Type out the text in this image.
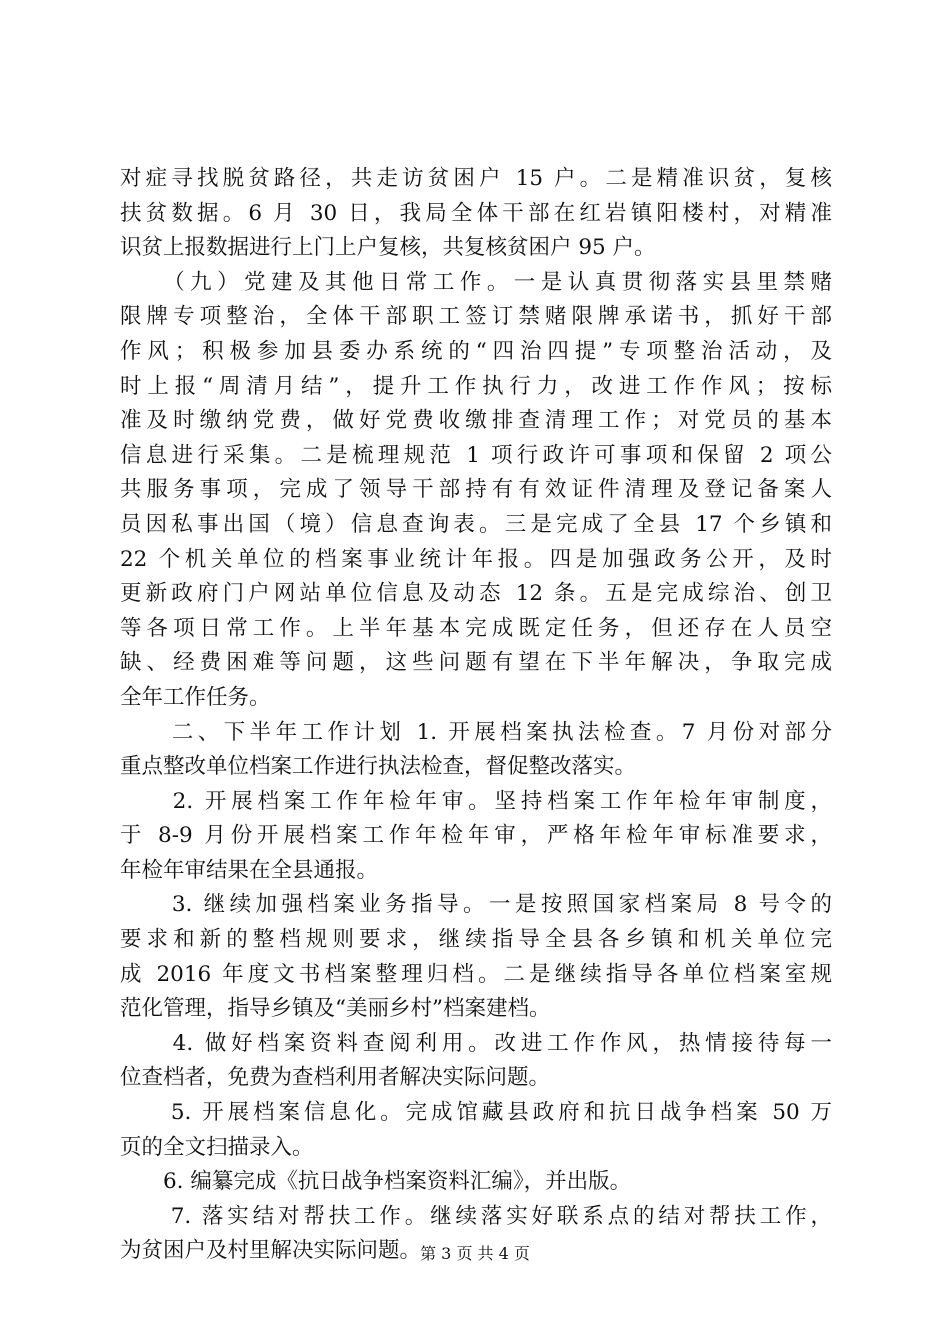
对症寻找脱贫路径，共走访贫困户 15 户。二是精准识贫，复核
扶贫数据。6 月 30 日，我局全体干部在红岩镇阳楼村，对精准
识贫上报数据进行上门上户复核，共复核贫困户 95 户。
　　（九）党建及其他日常工作。一是认真贯彻落实县里禁赌
限牌专项整治，全体干部职工签订禁赌限牌承诺书，抓好干部
作风；积极参加县委办系统的“四治四提”专项整治活动，及
时上报“周清月结”，提升工作执行力，改进工作作风；按标
准及时缴纳党费，做好党费收缴排查清理工作；对党员的基本
信息进行采集。二是梳理规范 1 项行政许可事项和保留 2 项公
共服务事项，完成了领导干部持有有效证件清理及登记备案人
员因私事出国（境）信息查询表。三是完成了全县 17 个乡镇和
22 个机关单位的档案事业统计年报。四是加强政务公开，及时
更新政府门户网站单位信息及动态 12 条。五是完成综治、创卫
等各项日常工作。上半年基本完成既定任务，但还存在人员空
缺、经费困难等问题，这些问题有望在下半年解决，争取完成
全年工作任务。
　　二、下半年工作计划 1. 开展档案执法检查。7 月份对部分
重点整改单位档案工作进行执法检查，督促整改落实。
　　2. 开展档案工作年检年审。坚持档案工作年检年审制度，
于 8-9 月份开展档案工作年检年审，严格年检年审标准要求，
年检年审结果在全县通报。
　　3. 继续加强档案业务指导。一是按照国家档案局 8 号令的
要求和新的整档规则要求，继续指导全县各乡镇和机关单位完
成 2016 年度文书档案整理归档。二是继续指导各单位档案室规
范化管理，指导乡镇及“美丽乡村”档案建档。
　　4. 做好档案资料查阅利用。改进工作作风，热情接待每一
位查档者，免费为查档利用者解决实际问题。
　　5. 开展档案信息化。完成馆藏县政府和抗日战争档案 50 万
页的全文扫描录入。
　　6. 编纂完成《抗日战争档案资料汇编》，并出版。
　　7. 落实结对帮扶工作。继续落实好联系点的结对帮扶工作，
为贫困户及村里解决实际问题。 第 3 页 共 4 页
